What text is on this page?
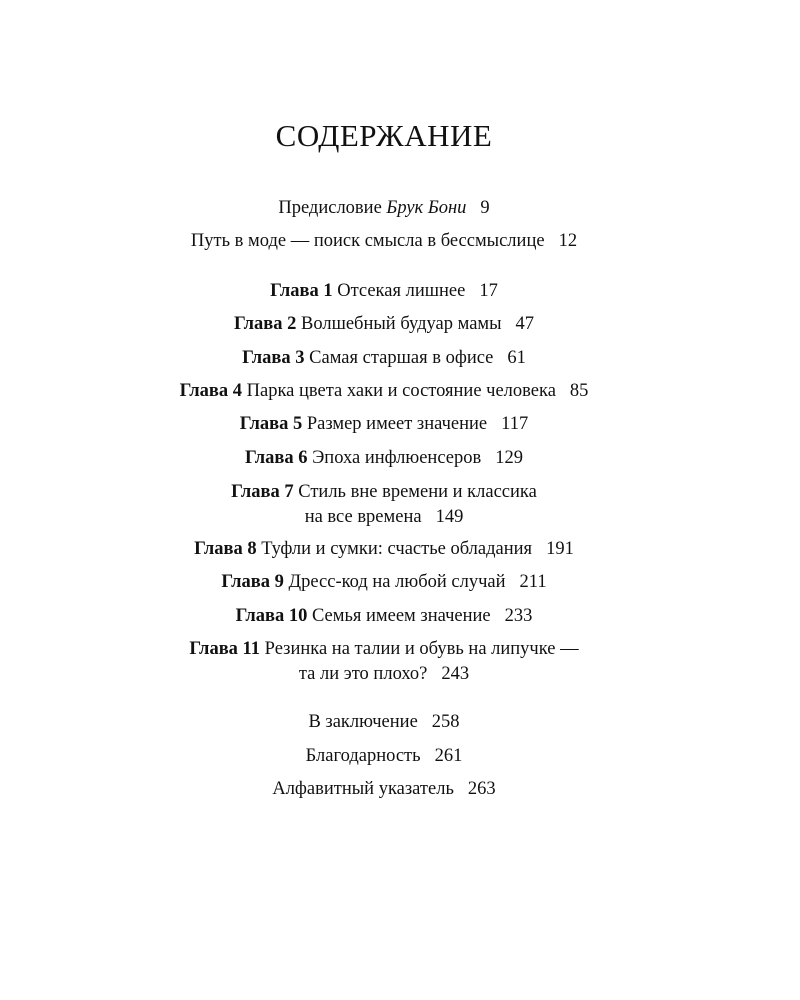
СОДЕРЖАНИЕ
Предисловие Брук Бони 9
Путь в моде — поиск смысла в бессмыслице 12
Глава 1 Отсекая лишнее 17
Глава 2 Волшебный будуар мамы 47
Глава 3 Самая старшая в офисе 61
Глава 4 Парка цвета хаки и состояние человека 85
Глава 5 Размер имеет значение 117
Глава 6 Эпоха инфлюенсеров 129
Глава 7 Стиль вне времени и классика
на все времена 149
Глава 8 Туфли и сумки: счастье обладания 191
Глава 9 Дресс-код на любой случай 211
Глава 10 Семья имеем значение 233
Глава 11 Резинка на талии и обувь на липучке —
та ли это плохо? 243
В заключение 258
Благодарность 261
Алфавитный указатель 263
